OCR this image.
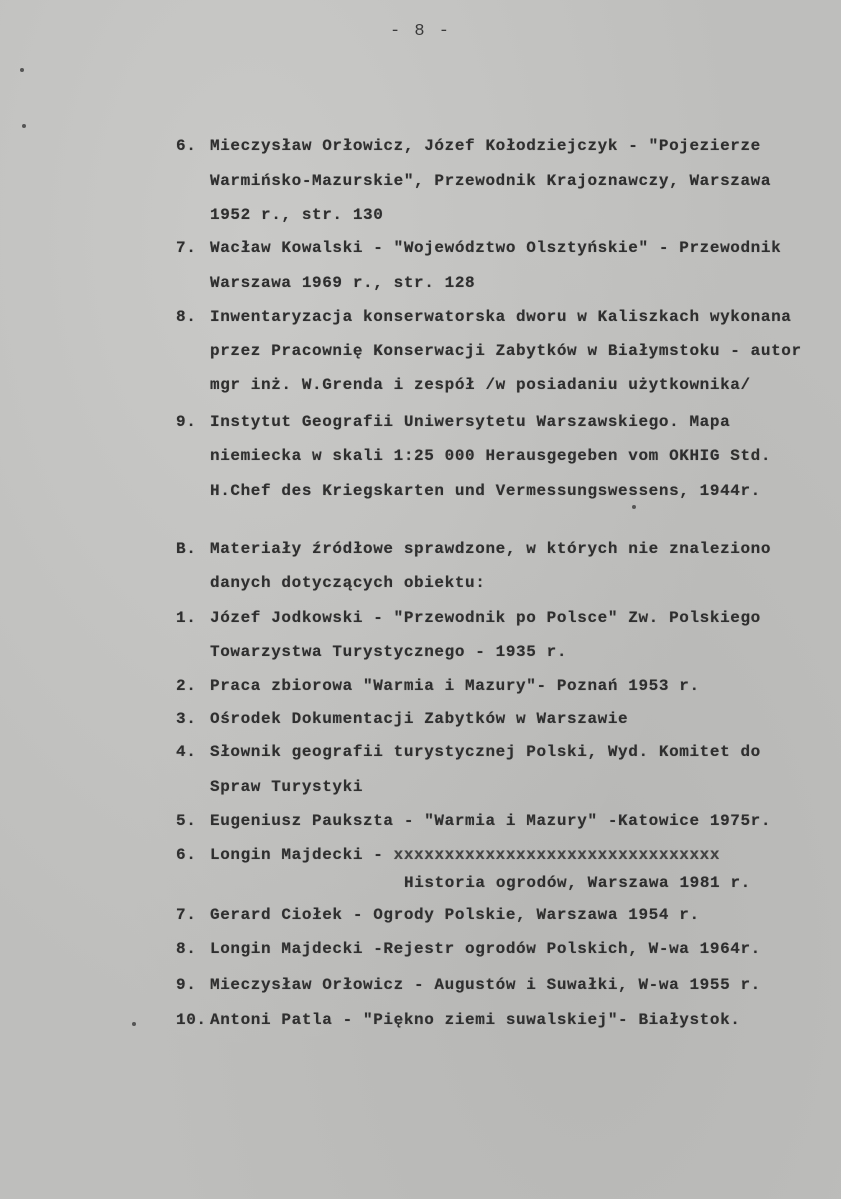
- 8 -
6. Mieczysław Orłowicz, Józef Kołodziejczyk - "Pojezierze
Warmińsko-Mazurskie", Przewodnik Krajoznawczy, Warszawa
1952 r., str. 130
7. Wacław Kowalski - "Województwo Olsztyńskie" - Przewodnik
Warszawa 1969 r., str. 128
8. Inwentaryzacja konserwatorska dworu w Kaliszkach wykonana
przez Pracownię Konserwacji Zabytków w Białymstoku - autor
mgr inż. W.Grenda i zespół /w posiadaniu użytkownika/
9. Instytut Geografii Uniwersytetu Warszawskiego. Mapa
niemiecka w skali 1:25 000 Herausgegeben vom OKHIG Std.
H.Chef des Kriegskarten und Vermessungswessens, 1944r.
B. Materiały źródłowe sprawdzone, w których nie znaleziono
danych dotyczących obiektu:
1. Józef Jodkowski - "Przewodnik po Polsce" Zw. Polskiego
Towarzystwa Turystycznego - 1935 r.
2. Praca zbiorowa "Warmia i Mazury"- Poznań 1953 r.
3. Ośrodek Dokumentacji Zabytków w Warszawie
4. Słownik geografii turystycznej Polski, Wyd. Komitet do
Spraw Turystyki
5. Eugeniusz Paukszta - "Warmia i Mazury" -Katowice 1975r.
6. Longin Majdecki - xxxxxxxxxxxxxxxxxxxxxxxxxxxxxxxx
Historia ogrodów, Warszawa 1981 r.
7. Gerard Ciołek - Ogrody Polskie, Warszawa 1954 r.
8. Longin Majdecki -Rejestr ogrodów Polskich, W-wa 1964r.
9. Mieczysław Orłowicz - Augustów i Suwałki, W-wa 1955 r.
10. Antoni Patla - "Piękno ziemi suwalskiej"- Białystok.
